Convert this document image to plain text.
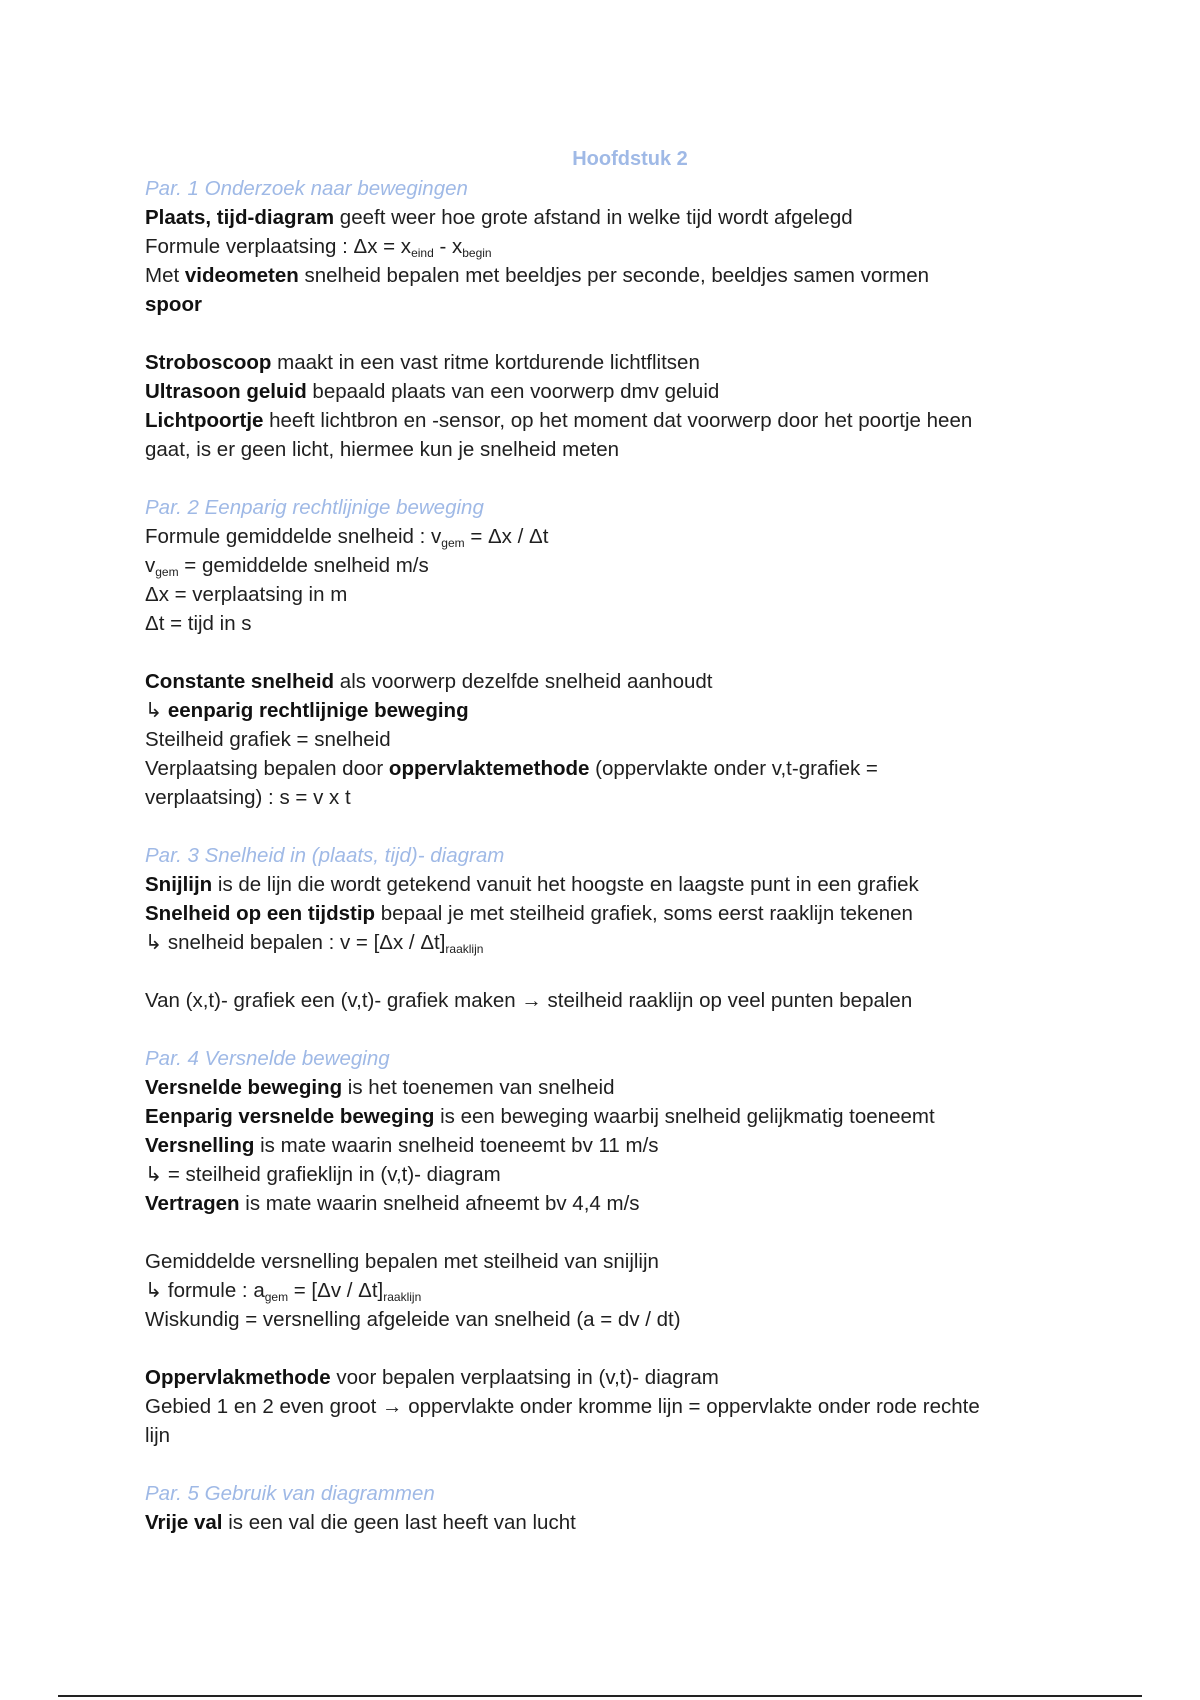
Hoofdstuk 2
Par. 1 Onderzoek naar bewegingen
Plaats, tijd-diagram geeft weer hoe grote afstand in welke tijd wordt afgelegd
Formule verplaatsing : $\Delta x = x_{eind} - x_{begin}$
Met videometen snelheid bepalen met beeldjes per seconde, beeldjes samen vormen
spoor
Stroboscoop maakt in een vast ritme kortdurende lichtflitsen
Ultrasoon geluid bepaald plaats van een voorwerp dmv geluid
Lichtpoortje heeft lichtbron en -sensor, op het moment dat voorwerp door het poortje heen
gaat, is er geen licht, hiermee kun je snelheid meten
Par. 2 Eenparig rechtlijnige beweging
Formule gemiddelde snelheid : $v_{gem} = \Delta x / \Delta t$
$v_{gem}$ = gemiddelde snelheid m/s
Δx = verplaatsing in m
Δt = tijd in s
Constante snelheid als voorwerp dezelfde snelheid aanhoudt
↳ eenparig rechtlijnige beweging
Steilheid grafiek = snelheid
Verplaatsing bepalen door oppervlaktemethode (oppervlakte onder v,t-grafiek =
verplaatsing) : s = v x t
Par. 3 Snelheid in (plaats, tijd)- diagram
Snijlijn is de lijn die wordt getekend vanuit het hoogste en laagste punt in een grafiek
Snelheid op een tijdstip bepaal je met steilheid grafiek, soms eerst raaklijn tekenen
↳ snelheid bepalen : $v = [\Delta x / \Delta t]_{raaklijn}$
Van (x,t)- grafiek een (v,t)- grafiek maken → steilheid raaklijn op veel punten bepalen
Par. 4 Versnelde beweging
Versnelde beweging is het toenemen van snelheid
Eenparig versnelde beweging is een beweging waarbij snelheid gelijkmatig toeneemt
Versnelling is mate waarin snelheid toeneemt bv 11 m/s
↳ = steilheid grafieklijn in (v,t)- diagram
Vertragen is mate waarin snelheid afneemt bv 4,4 m/s
Gemiddelde versnelling bepalen met steilheid van snijlijn
↳ formule : $a_{gem} = [\Delta v / \Delta t]_{raaklijn}$
Wiskundig = versnelling afgeleide van snelheid (a = dv / dt)
Oppervlakmethode voor bepalen verplaatsing in (v,t)- diagram
Gebied 1 en 2 even groot → oppervlakte onder kromme lijn = oppervlakte onder rode rechte
lijn
Par. 5 Gebruik van diagrammen
Vrije val is een val die geen last heeft van lucht
